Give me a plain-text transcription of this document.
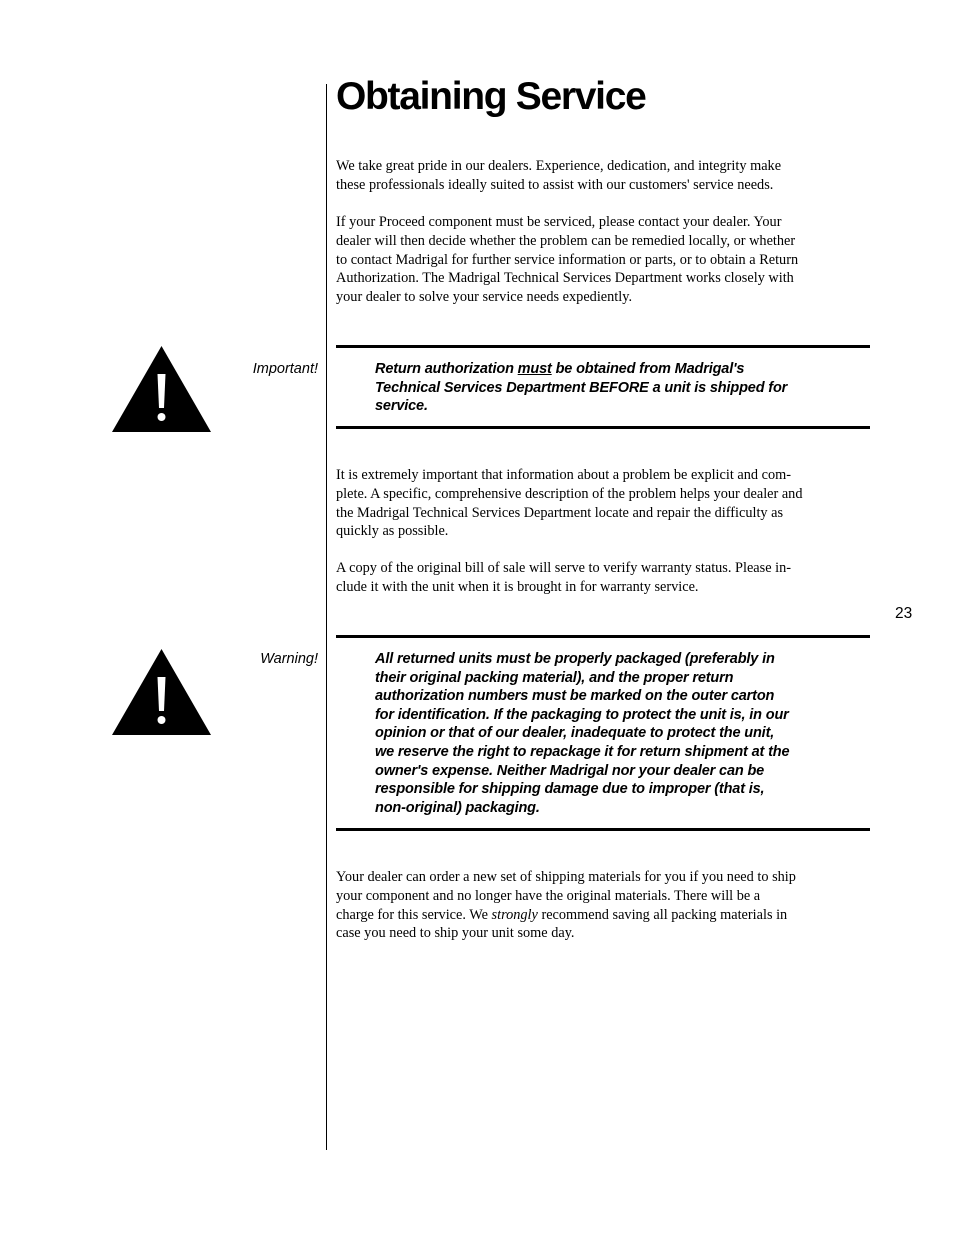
Obtaining Service
We take great pride in our dealers. Experience, dedication, and integrity make
these professionals ideally suited to assist with our customers' service needs.
If your Proceed component must be serviced, please contact your dealer. Your
dealer will then decide whether the problem can be remedied locally, or whether
to contact Madrigal for further service information or parts, or to obtain a Return
Authorization. The Madrigal Technical Services Department works closely with
your dealer to solve your service needs expediently.
Important!	Return authorization must be obtained from Madrigal's
Technical Services Department BEFORE a unit is shipped for
service.
It is extremely important that information about a problem be explicit and com-
plete. A specific, comprehensive description of the problem helps your dealer and
the Madrigal Technical Services Department locate and repair the difficulty as
quickly as possible.
A copy of the original bill of sale will serve to verify warranty status. Please in-
clude it with the unit when it is brought in for warranty service.
23
Warning!	All returned units must be properly packaged (preferably in
their original packing material), and the proper return
authorization numbers must be marked on the outer carton
for identification. If the packaging to protect the unit is, in our
opinion or that of our dealer, inadequate to protect the unit,
we reserve the right to repackage it for return shipment at the
owner's expense. Neither Madrigal nor your dealer can be
responsible for shipping damage due to improper (that is,
non-original) packaging.
Your dealer can order a new set of shipping materials for you if you need to ship
your component and no longer have the original materials. There will be a
charge for this service. We strongly recommend saving all packing materials in
case you need to ship your unit some day.
